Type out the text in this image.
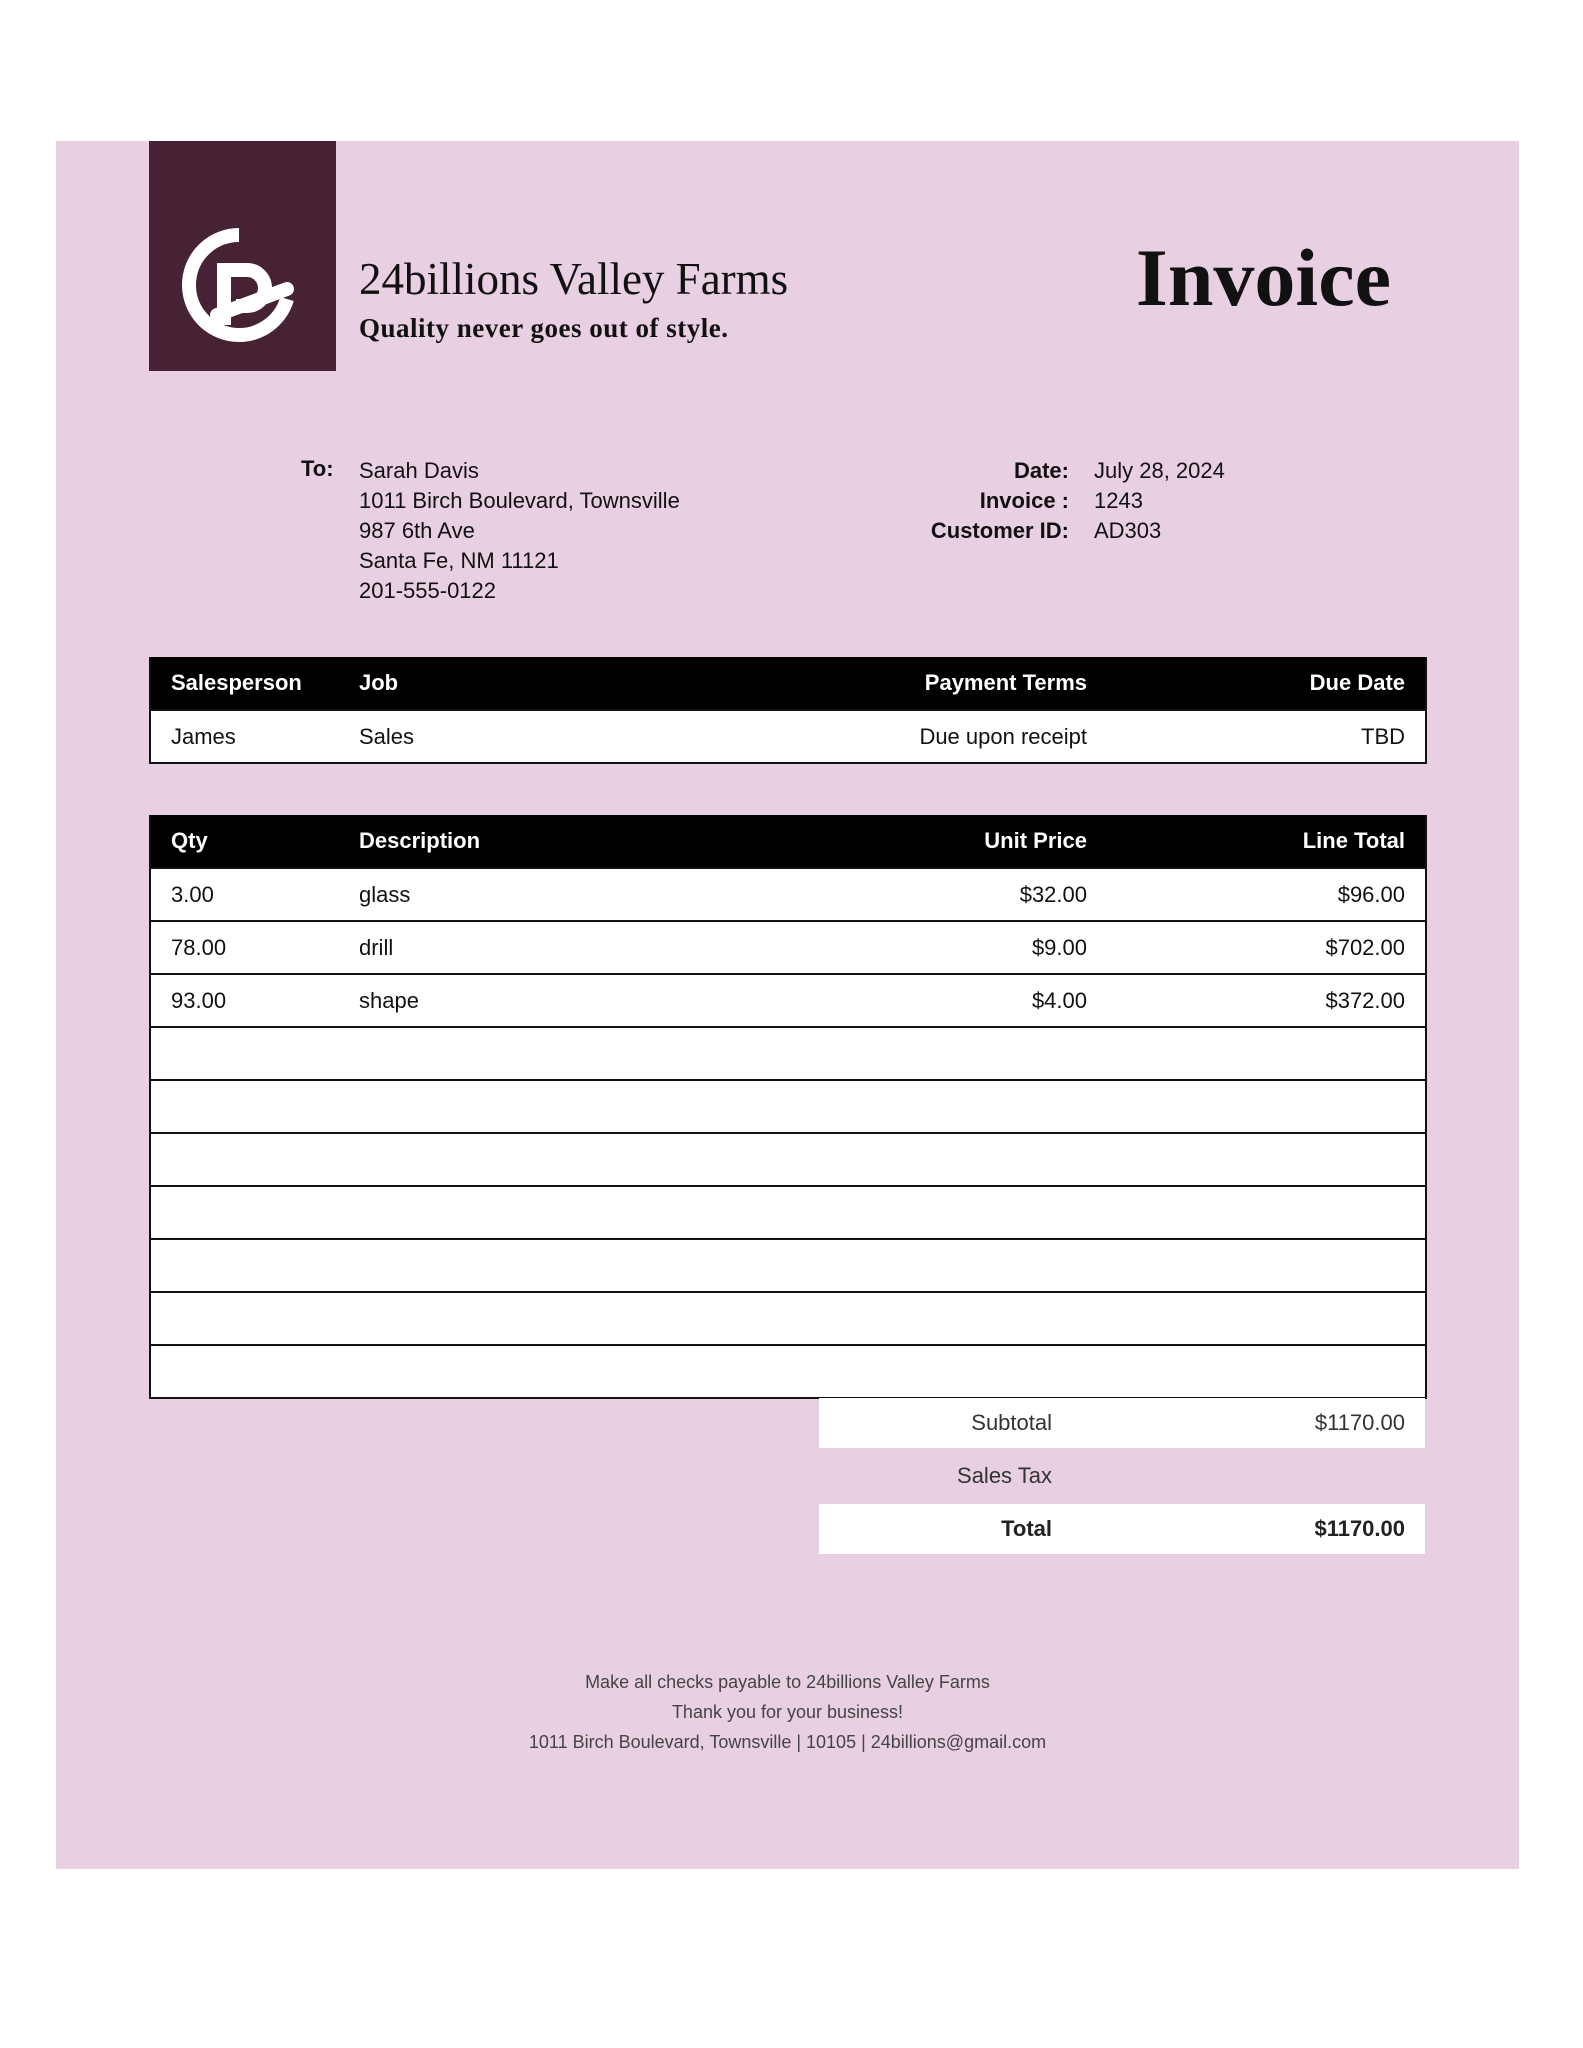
24billions Valley Farms
Quality never goes out of style.
Invoice
To: Sarah Davis
1011 Birch Boulevard, Townsville
987 6th Ave
Santa Fe, NM 11121
201-555-0122
Date: July 28, 2024
Invoice : 1243
Customer ID: AD303
Salesperson	Job	Payment Terms	Due Date
James	Sales	Due upon receipt	TBD
Qty	Description	Unit Price	Line Total
3.00	glass	$32.00	$96.00
78.00	drill	$9.00	$702.00
93.00	shape	$4.00	$372.00

Subtotal	$1170.00
Sales Tax
Total	$1170.00
Make all checks payable to 24billions Valley Farms
Thank you for your business!
1011 Birch Boulevard, Townsville | 10105 | 24billions@gmail.com
